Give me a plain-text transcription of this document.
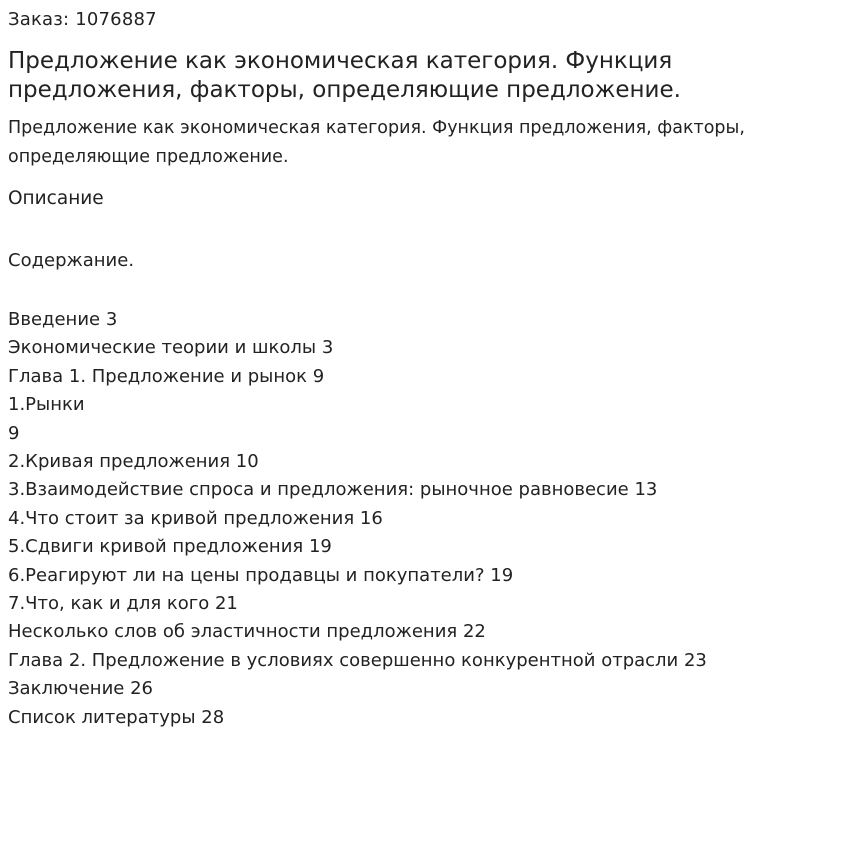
Заказ: 1076887
Предложение как экономическая категория. Функция предложения, факторы, определяющие предложение.

Предложение как экономическая категория. Функция предложения, факторы, определяющие предложение.

Описание
Содержание.
Введение 3
Экономические теории и школы 3
Глава 1. Предложение и рынок 9
1.Рынки
9
2.Кривая предложения 10
3.Взаимодействие спроса и предложения: рыночное равновесие 13
4.Что стоит за кривой предложения 16
5.Сдвиги кривой предложения 19
6.Реагируют ли на цены продавцы и покупатели? 19
7.Что, как и для кого 21
Несколько слов об эластичности предложения 22
Глава 2. Предложение в условиях совершенно конкурентной отрасли 23
Заключение 26
Список литературы 28
